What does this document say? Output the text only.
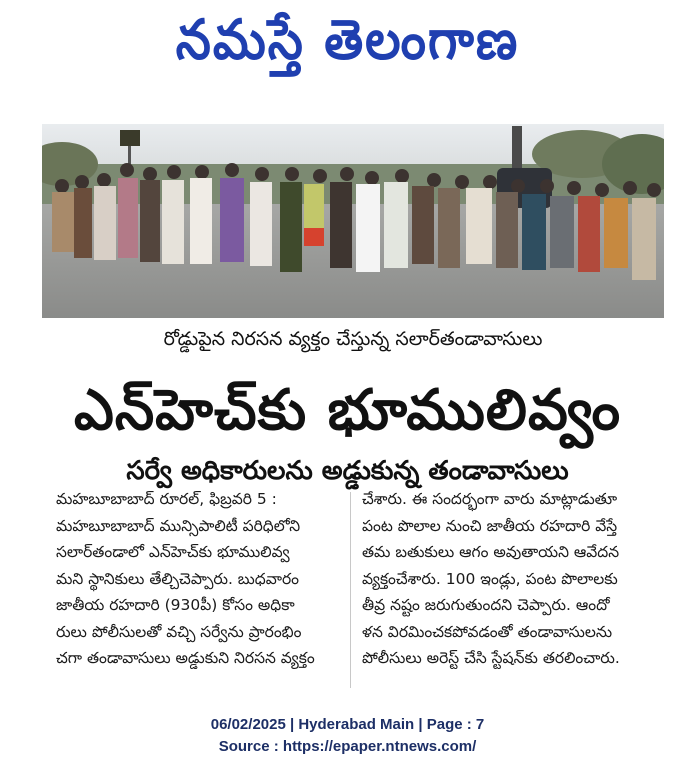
నమస్తే తెలంగాణ
రోడ్డుపైన నిరసన వ్యక్తం చేస్తున్న సలార్‌తండావాసులు
ఎన్‌హెచ్‌కు భూములివ్వం
సర్వే అధికారులను అడ్డుకున్న తండావాసులు
మహబూబాబాద్ రూరల్, ఫిబ్రవరి 5 :
మహబూబాబాద్ మున్సిపాలిటీ పరిధిలోని
సలార్‌తండాలో ఎన్‌హెచ్‌కు భూములివ్వ
మని స్థానికులు తేల్చిచెప్పారు. బుధవారం
జాతీయ రహదారి (930పీ) కోసం అధికా
రులు పోలీసులతో వచ్చి సర్వేను ప్రారంభిం
చగా తండావాసులు అడ్డుకుని నిరసన వ్యక్తం
చేశారు. ఈ సందర్భంగా వారు మాట్లాడుతూ
పంట పొలాల నుంచి జాతీయ రహదారి వేస్తే
తమ బతుకులు ఆగం అవుతాయని ఆవేదన
వ్యక్తంచేశారు. 100 ఇండ్లు, పంట పొలాలకు
తీవ్ర నష్టం జరుగుతుందని చెప్పారు. ఆందో
ళన విరమించకపోవడంతో తండావాసులను
పోలీసులు అరెస్ట్ చేసి స్టేషన్‌కు తరలించారు.
06/02/2025 | Hyderabad Main | Page : 7
Source : https://epaper.ntnews.com/
